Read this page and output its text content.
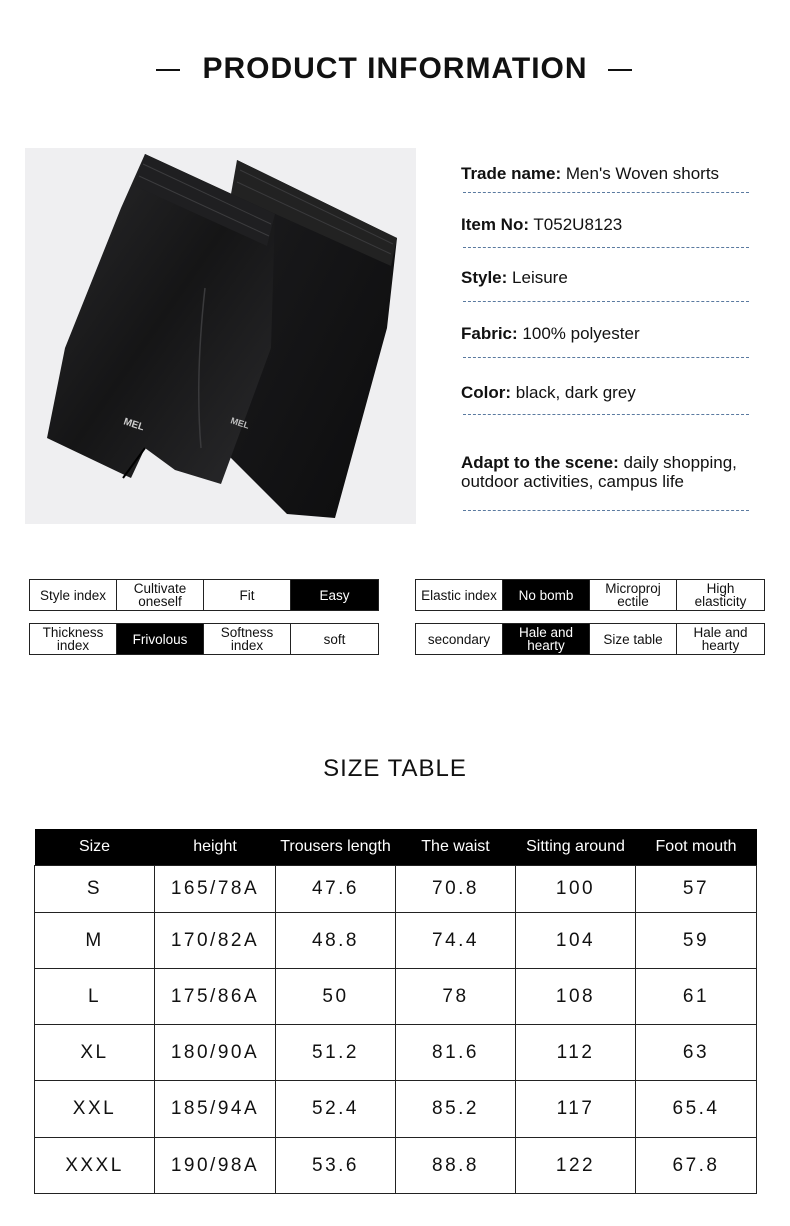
PRODUCT INFORMATION
MEL	MEL
Trade name: Men's Woven shorts
Item No: T052U8123
Style: Leisure
Fabric: 100% polyester
Color: black, dark grey
Adapt to the scene: daily shopping, outdoor activities, campus life
Style index	Cultivate oneself	Fit	Easy
Thickness index	Frivolous	Softness index	soft
Elastic index	No bomb	Microproj ectile	High elasticity
secondary	Hale and hearty	Size table	Hale and hearty
SIZE TABLE
Size	height	Trousers length	The waist	Sitting around	Foot mouth
S	165/78A	47.6	70.8	100	57
M	170/82A	48.8	74.4	104	59
L	175/86A	50	78	108	61
XL	180/90A	51.2	81.6	112	63
XXL	185/94A	52.4	85.2	117	65.4
XXXL	190/98A	53.6	88.8	122	67.8
